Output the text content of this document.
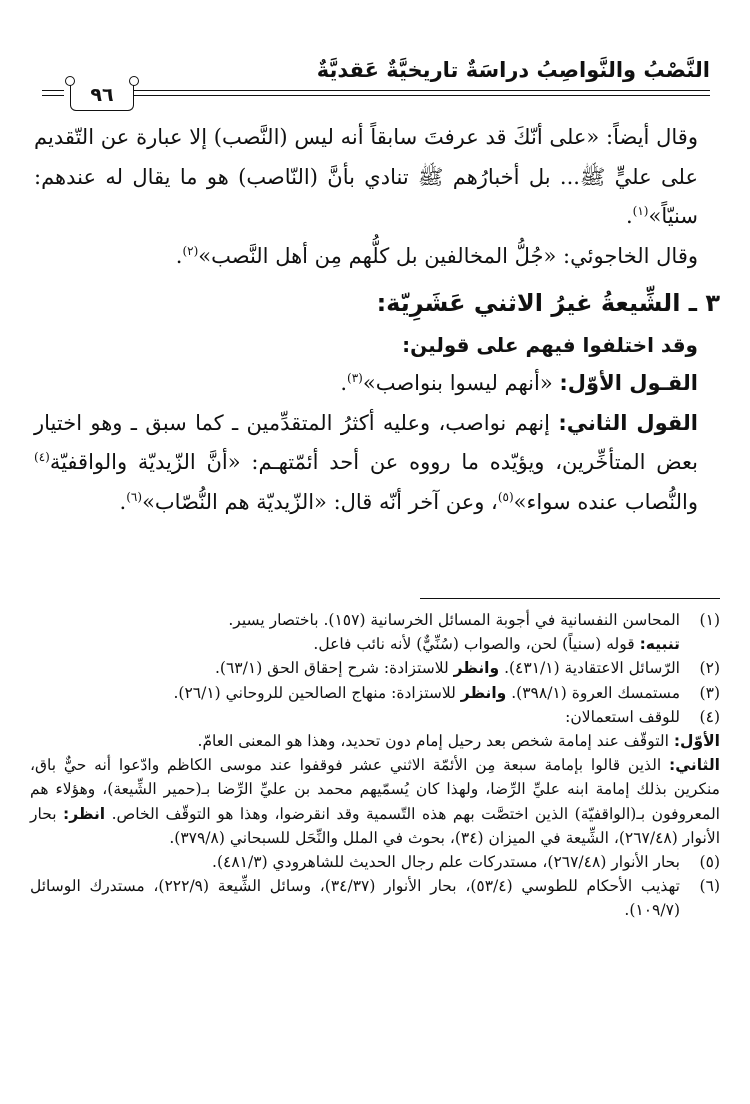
النَّصْبُ والنَّواصِبُ دراسَةٌ تاريخيَّةٌ عَقديَّةٌ
٩٦

وقال أيضاً: «على أنّكَ قد عرفتَ سابقاً أنه ليس (النَّصب) إلا عبارة عن التّقديم على عليٍّ ﷺ... بل أخبارُهم ﷺ تنادي بأنَّ (النّاصب) هو ما يقال له عندهم: سنيّاً»$^{(١)}$.

وقال الخاجوئي: «جُلُّ المخالفين بل كلُّهم مِن أهل النَّصب»$^{(٢)}$.

٣ ـ الشِّيعةُ غيرُ الاثني عَشَرِيّة:

وقد اختلفوا فيهم على قولين:

القـول الأوّل: «أنهم ليسوا بنواصب»$^{(٣)}$.

القول الثاني: إنهم نواصب، وعليه أكثرُ المتقدِّمين ـ كما سبق ـ وهو اختيار بعض المتأخِّرين، ويؤيّده ما رووه عن أحد أئمّتهـم: «أنَّ الزّيديّة والواقفيّة$^{(٤)}$ والنُّصاب عنده سواء»$^{(٥)}$، وعن آخر أنّه قال: «الزّيديّة هم النُّصّاب»$^{(٦)}$.

(١)

المحاسن النفسانية في أجوبة المسائل الخرسانية (١٥٧). باختصار يسير.

تنبيه: قوله (سنياً) لحن، والصواب (سُنِّيٌّ) لأنه نائب فاعل.

(٢)

الرّسائل الاعتقادية (٤٣١/١). وانظر للاستزادة: شرح إحقاق الحق (٦٣/١).

(٣)

مستمسك العروة (٣٩٨/١). وانظر للاستزادة: منهاج الصالحين للروحاني (٢٦/١).

(٤)

للوقف استعمالان:

الأوّل: التوقّف عند إمامة شخص بعد رحيل إمام دون تحديد، وهذا هو المعنى العامّ.

الثاني: الذين قالوا بإمامة سبعة مِن الأئمّة الاثني عشر فوقفوا عند موسى الكاظم وادّعوا أنه حيٌّ باق، منكرين بذلك إمامة ابنه عليِّ الرِّضا، ولهذا كان يُسمّيهم محمد بن عليِّ الرِّضا بـ(حمير الشِّيعة)، وهؤلاء هم المعروفون بـ(الواقفيّة) الذين اختصَّت بهم هذه التّسمية وقد انقرضوا، وهذا هو التوقّف الخاص. انظر: بحار الأنوار (٢٦٧/٤٨)، الشِّيعة في الميزان (٣٤)، بحوث في الملل والنِّحَل للسبحاني (٣٧٩/٨).

(٥)

بحار الأنوار (٢٦٧/٤٨)، مستدركات علم رجال الحديث للشاهرودي (٤٨١/٣).

(٦)

تهذيب الأحكام للطوسي (٥٣/٤)، بحار الأنوار (٣٤/٣٧)، وسائل الشِّيعة (٢٢٢/٩)، مستدرك الوسائل (١٠٩/٧).
